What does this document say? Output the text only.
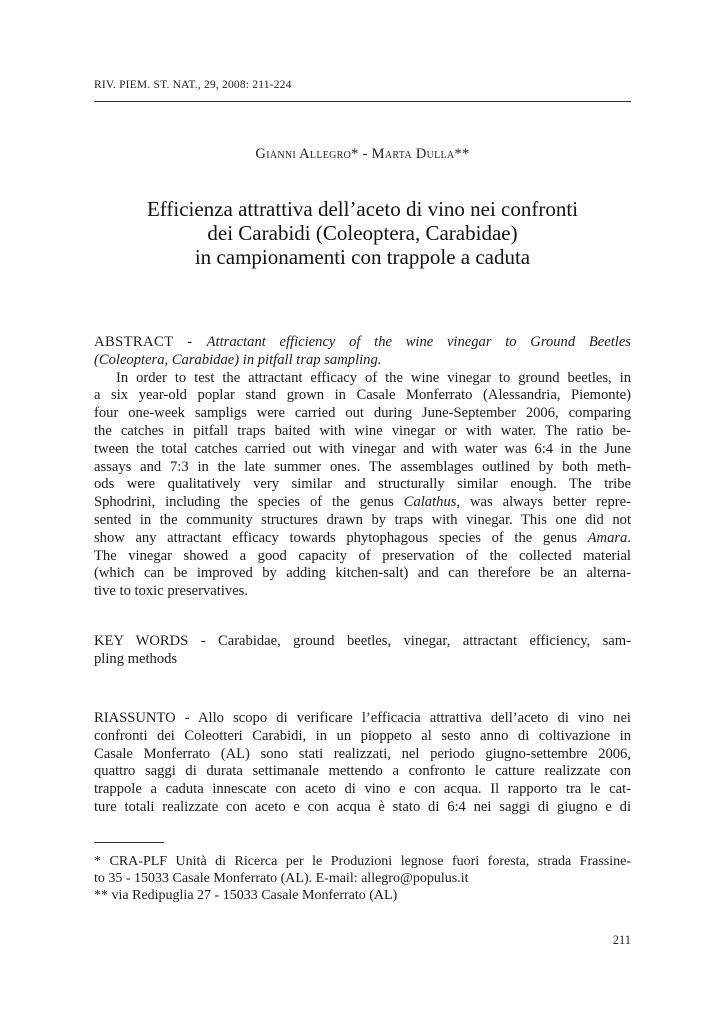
RIV. PIEM. ST. NAT., 29, 2008: 211-224
Gianni Allegro* - Marta Dulla**
Efficienza attrattiva dell’aceto di vino nei confronti
dei Carabidi (Coleoptera, Carabidae)
in campionamenti con trappole a caduta
ABSTRACT - Attractant efficiency of the wine vinegar to Ground Beetles
(Coleoptera, Carabidae) in pitfall trap sampling.
In order to test the attractant efficacy of the wine vinegar to ground beetles, in
a six year-old poplar stand grown in Casale Monferrato (Alessandria, Piemonte)
four one-week sampligs were carried out during June-September 2006, comparing
the catches in pitfall traps baited with wine vinegar or with water. The ratio be-
tween the total catches carried out with vinegar and with water was 6:4 in the June
assays and 7:3 in the late summer ones. The assemblages outlined by both meth-
ods were qualitatively very similar and structurally similar enough. The tribe
Sphodrini, including the species of the genus Calathus, was always better repre-
sented in the community structures drawn by traps with vinegar. This one did not
show any attractant efficacy towards phytophagous species of the genus Amara.
The vinegar showed a good capacity of preservation of the collected material
(which can be improved by adding kitchen-salt) and can therefore be an alterna-
tive to toxic preservatives.
KEY WORDS - Carabidae, ground beetles, vinegar, attractant efficiency, sam-
pling methods
RIASSUNTO - Allo scopo di verificare l’efficacia attrattiva dell’aceto di vino nei
confronti dei Coleotteri Carabidi, in un pioppeto al sesto anno di coltivazione in
Casale Monferrato (AL) sono stati realizzati, nel periodo giugno-settembre 2006,
quattro saggi di durata settimanale mettendo a confronto le catture realizzate con
trappole a caduta innescate con aceto di vino e con acqua. Il rapporto tra le cat-
ture totali realizzate con aceto e con acqua è stato di 6:4 nei saggi di giugno e di
* CRA-PLF Unità di Ricerca per le Produzioni legnose fuori foresta, strada Frassine-
to 35 - 15033 Casale Monferrato (AL). E-mail: allegro@populus.it
** via Redipuglia 27 - 15033 Casale Monferrato (AL)
211
